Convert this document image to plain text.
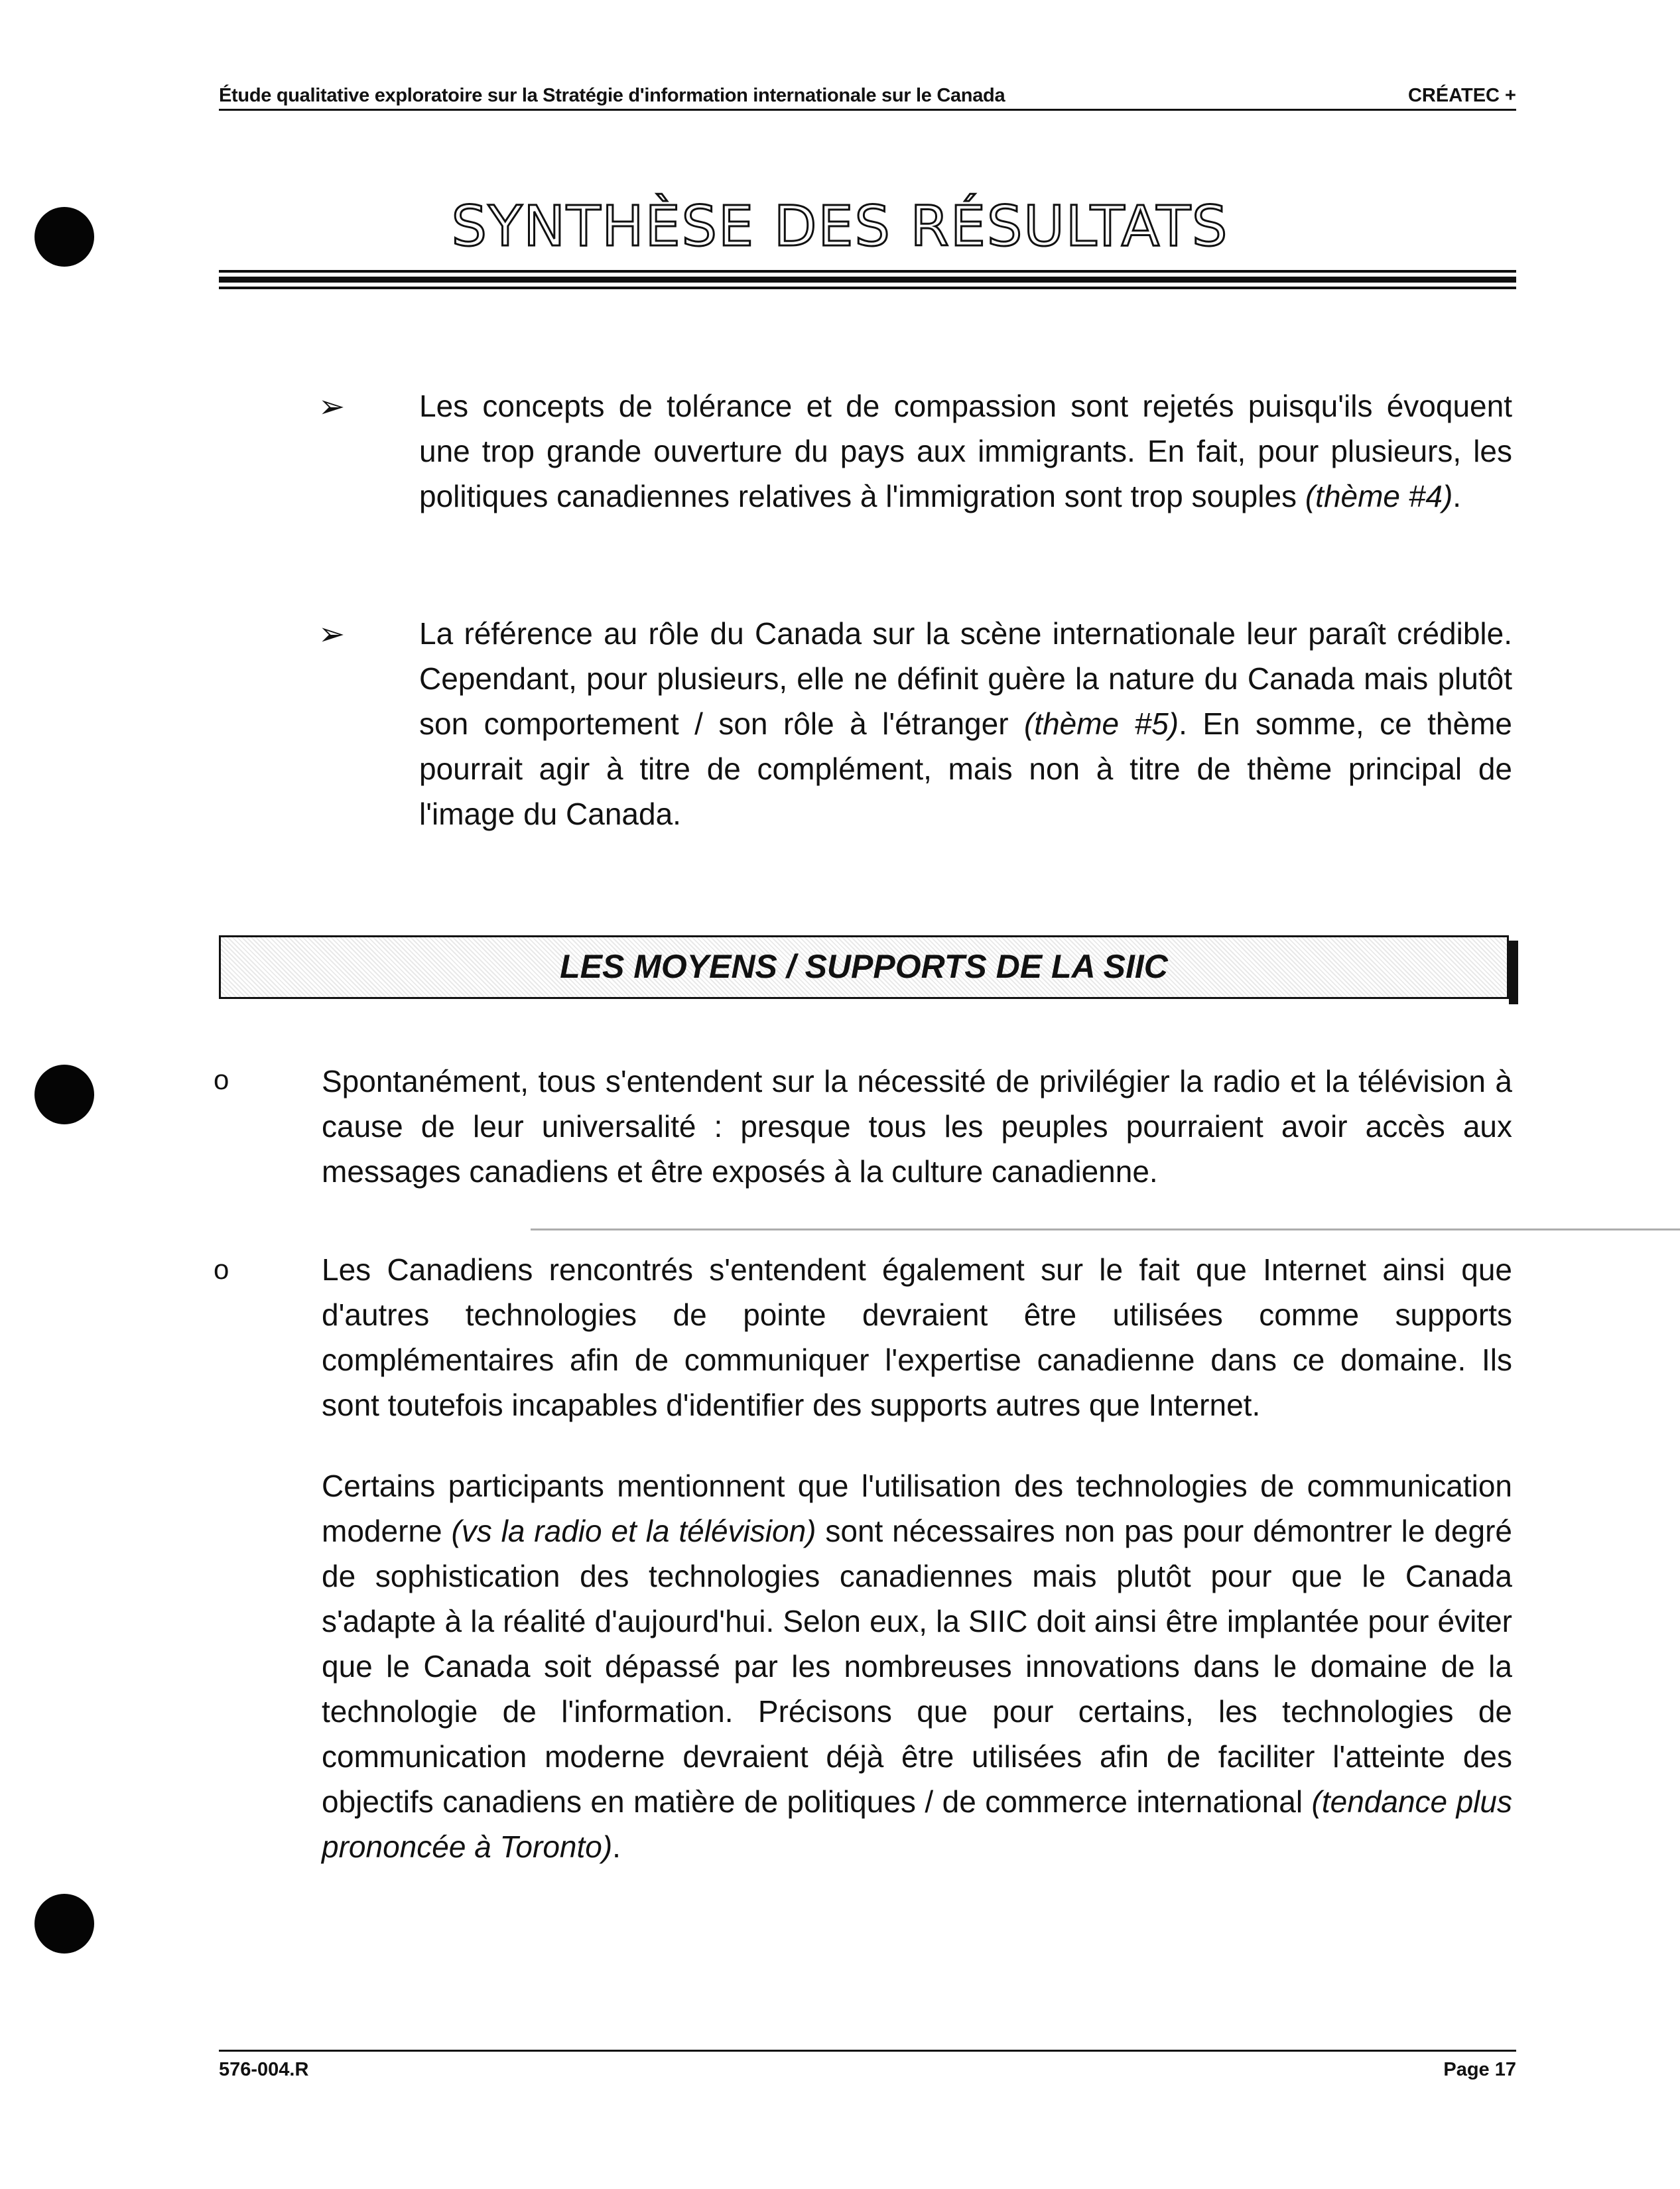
Étude qualitative exploratoire sur la Stratégie d'information internationale sur le Canada	CRÉATEC +
SYNTHÈSE DES RÉSULTATS
➢ Les concepts de tolérance et de compassion sont rejetés puisqu'ils évoquent une trop grande ouverture du pays aux immigrants. En fait, pour plusieurs, les politiques canadiennes relatives à l'immigration sont trop souples (thème #4).
➢ La référence au rôle du Canada sur la scène internationale leur paraît crédible. Cependant, pour plusieurs, elle ne définit guère la nature du Canada mais plutôt son comportement / son rôle à l'étranger (thème #5). En somme, ce thème pourrait agir à titre de complément, mais non à titre de thème principal de l'image du Canada.
LES MOYENS / SUPPORTS DE LA SIIC
o	Spontanément, tous s'entendent sur la nécessité de privilégier la radio et la télévision à cause de leur universalité : presque tous les peuples pourraient avoir accès aux messages canadiens et être exposés à la culture canadienne.
o	Les Canadiens rencontrés s'entendent également sur le fait que Internet ainsi que d'autres technologies de pointe devraient être utilisées comme supports complémentaires afin de communiquer l'expertise canadienne dans ce domaine. Ils sont toutefois incapables d'identifier des supports autres que Internet.
Certains participants mentionnent que l'utilisation des technologies de communication moderne (vs la radio et la télévision) sont nécessaires non pas pour démontrer le degré de sophistication des technologies canadiennes mais plutôt pour que le Canada s'adapte à la réalité d'aujourd'hui. Selon eux, la SIIC doit ainsi être implantée pour éviter que le Canada soit dépassé par les nombreuses innovations dans le domaine de la technologie de l'information. Précisons que pour certains, les technologies de communication moderne devraient déjà être utilisées afin de faciliter l'atteinte des objectifs canadiens en matière de politiques / de commerce international (tendance plus prononcée à Toronto).
576-004.R	Page 17
